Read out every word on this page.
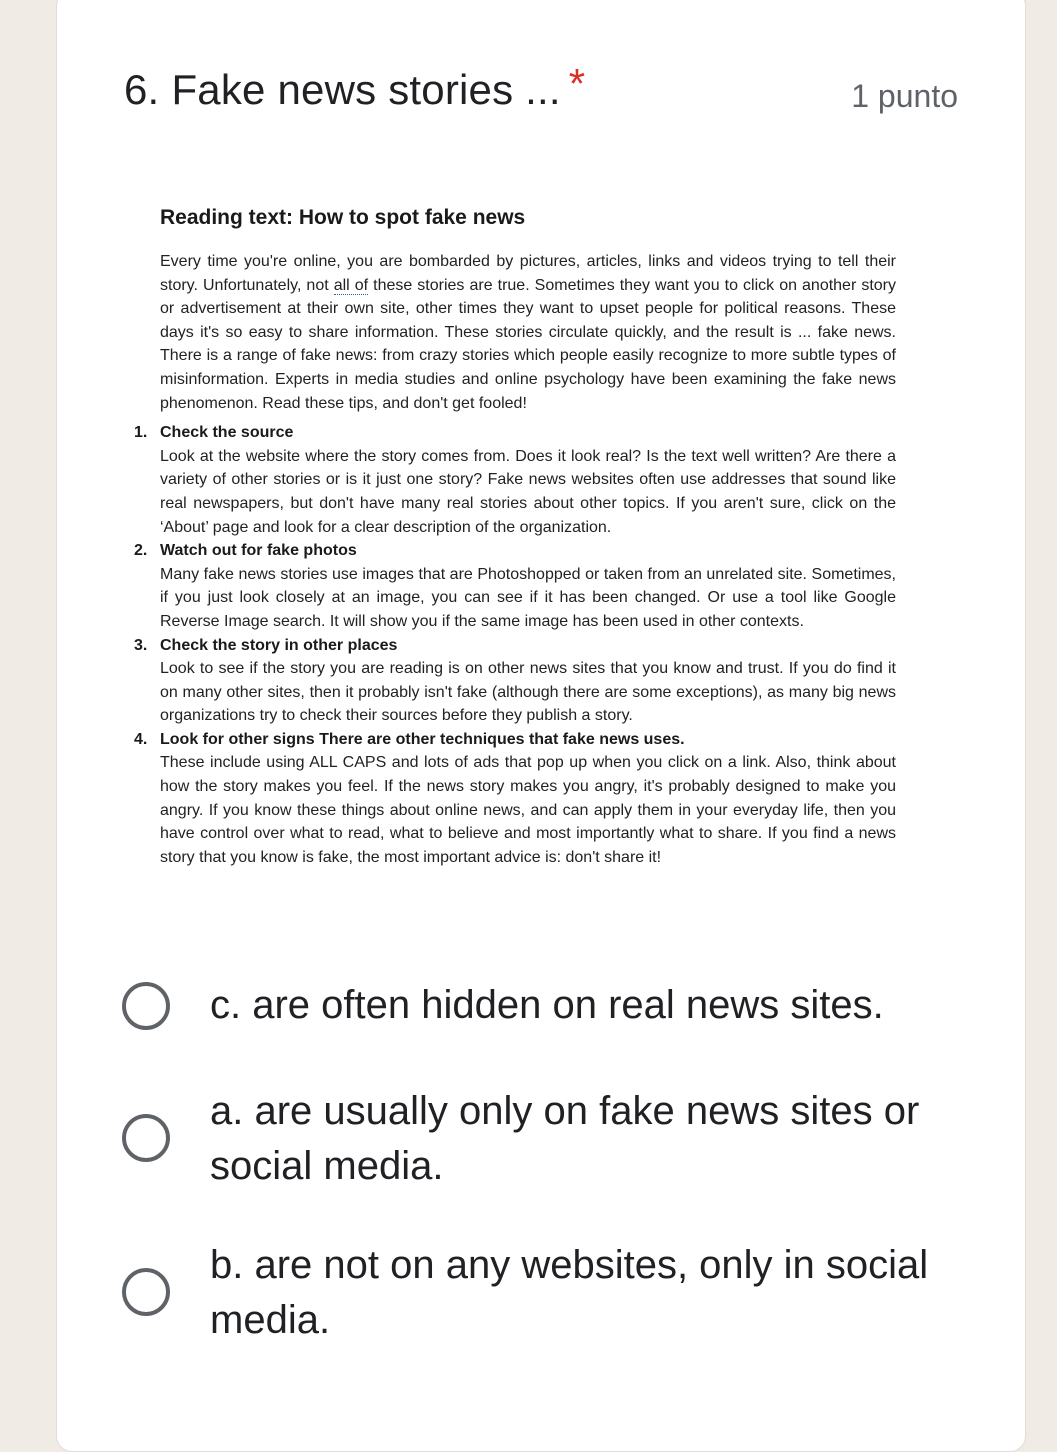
6. Fake news stories ... *	1 punto
Reading text: How to spot fake news

Every time you're online, you are bombarded by pictures, articles, links and videos trying to tell their story. Unfortunately, not all of these stories are true. Sometimes they want you to click on another story or advertisement at their own site, other times they want to upset people for political reasons. These days it's so easy to share information. These stories circulate quickly, and the result is ... fake news. There is a range of fake news: from crazy stories which people easily recognize to more subtle types of misinformation. Experts in media studies and online psychology have been examining the fake news phenomenon. Read these tips, and don't get fooled!

1. Check the source
Look at the website where the story comes from. Does it look real? Is the text well written? Are there a variety of other stories or is it just one story? Fake news websites often use addresses that sound like real newspapers, but don't have many real stories about other topics. If you aren't sure, click on the ‘About’ page and look for a clear description of the organization.
2. Watch out for fake photos
Many fake news stories use images that are Photoshopped or taken from an unrelated site. Sometimes, if you just look closely at an image, you can see if it has been changed. Or use a tool like Google Reverse Image search. It will show you if the same image has been used in other contexts.
3. Check the story in other places
Look to see if the story you are reading is on other news sites that you know and trust. If you do find it on many other sites, then it probably isn't fake (although there are some exceptions), as many big news organizations try to check their sources before they publish a story.
4. Look for other signs There are other techniques that fake news uses.
These include using ALL CAPS and lots of ads that pop up when you click on a link. Also, think about how the story makes you feel. If the news story makes you angry, it's probably designed to make you angry. If you know these things about online news, and can apply them in your everyday life, then you have control over what to read, what to believe and most importantly what to share. If you find a news story that you know is fake, the most important advice is: don't share it!
c. are often hidden on real news sites.
a. are usually only on fake news sites or social media.
b. are not on any websites, only in social media.
